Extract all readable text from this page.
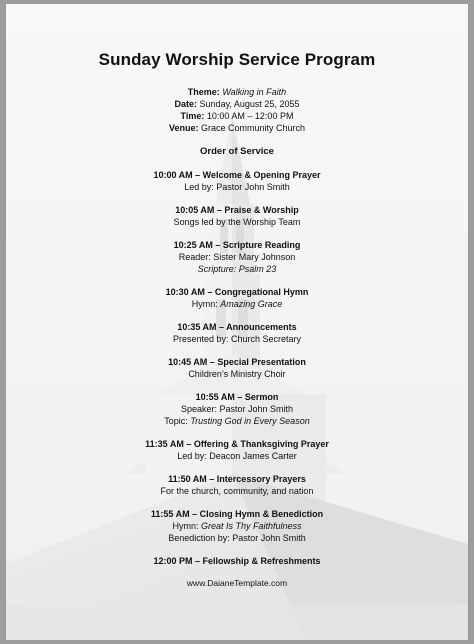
Sunday Worship Service Program
Theme: Walking in Faith
Date: Sunday, August 25, 2055
Time: 10:00 AM – 12:00 PM
Venue: Grace Community Church
Order of Service
10:00 AM – Welcome & Opening Prayer
Led by: Pastor John Smith
10:05 AM – Praise & Worship
Songs led by the Worship Team
10:25 AM – Scripture Reading
Reader: Sister Mary Johnson
Scripture: Psalm 23
10:30 AM – Congregational Hymn
Hymn: Amazing Grace
10:35 AM – Announcements
Presented by: Church Secretary
10:45 AM – Special Presentation
Children’s Ministry Choir
10:55 AM – Sermon
Speaker: Pastor John Smith
Topic: Trusting God in Every Season
11:35 AM – Offering & Thanksgiving Prayer
Led by: Deacon James Carter
11:50 AM – Intercessory Prayers
For the church, community, and nation
11:55 AM – Closing Hymn & Benediction
Hymn: Great Is Thy Faithfulness
Benediction by: Pastor John Smith
12:00 PM – Fellowship & Refreshments
www.DaianeTemplate.com
